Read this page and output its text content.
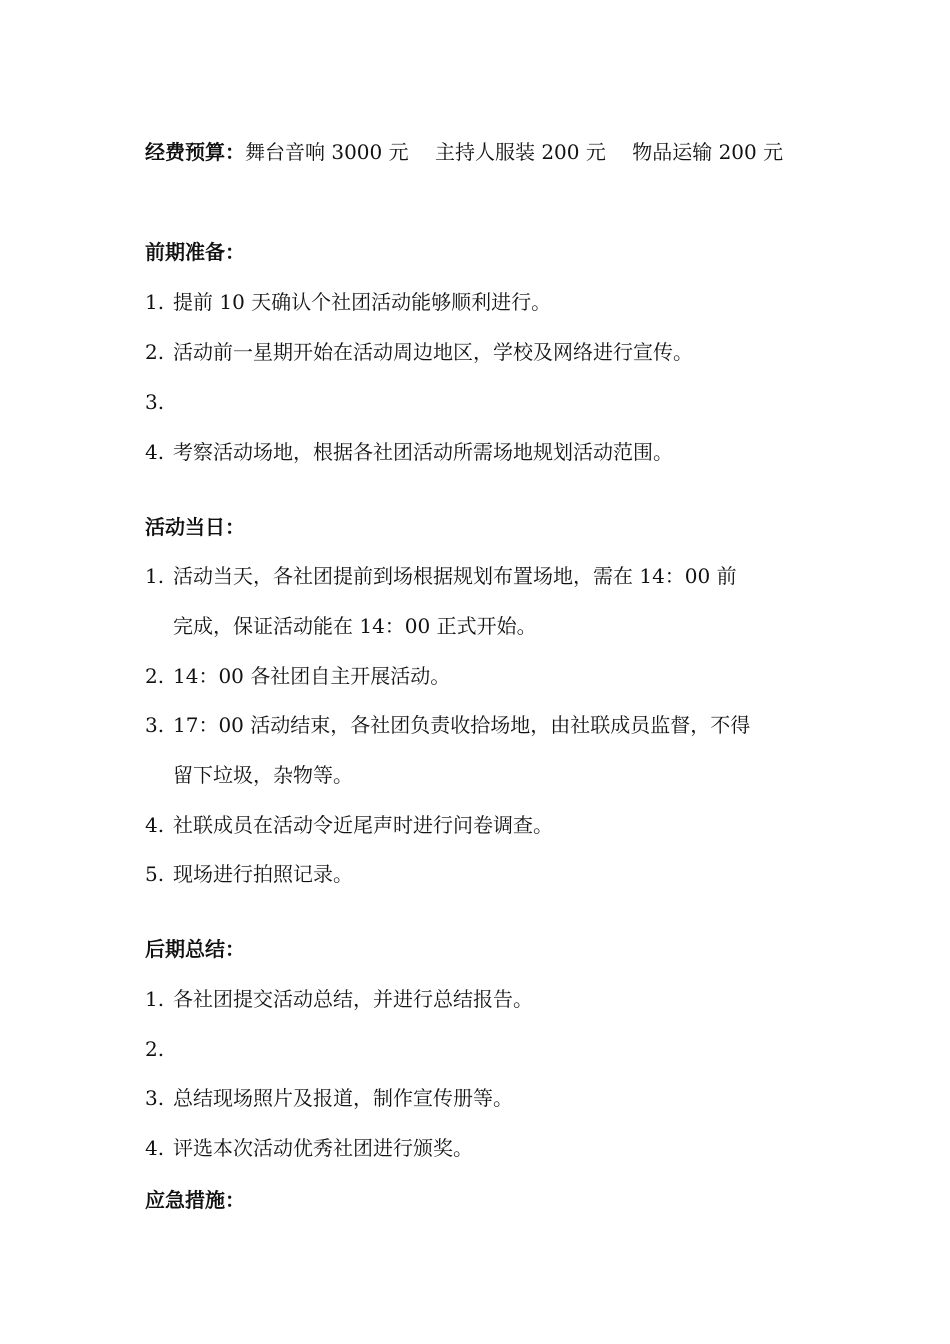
经费预算：舞台音响 3000 元　 主持人服装 200 元　 物品运输 200 元
前期准备：
1. 提前 10 天确认个社团活动能够顺利进行。
2. 活动前一星期开始在活动周边地区，学校及网络进行宣传。
3.
4. 考察活动场地，根据各社团活动所需场地规划活动范围。
活动当日：
1. 活动当天，各社团提前到场根据规划布置场地，需在 14：00 前
完成，保证活动能在 14：00 正式开始。
2. 14：00 各社团自主开展活动。
3. 17：00 活动结束，各社团负责收拾场地，由社联成员监督，不得
留下垃圾，杂物等。
4. 社联成员在活动令近尾声时进行问卷调查。
5. 现场进行拍照记录。
后期总结：
1. 各社团提交活动总结，并进行总结报告。
2.
3. 总结现场照片及报道，制作宣传册等。
4. 评选本次活动优秀社团进行颁奖。
应急措施：
